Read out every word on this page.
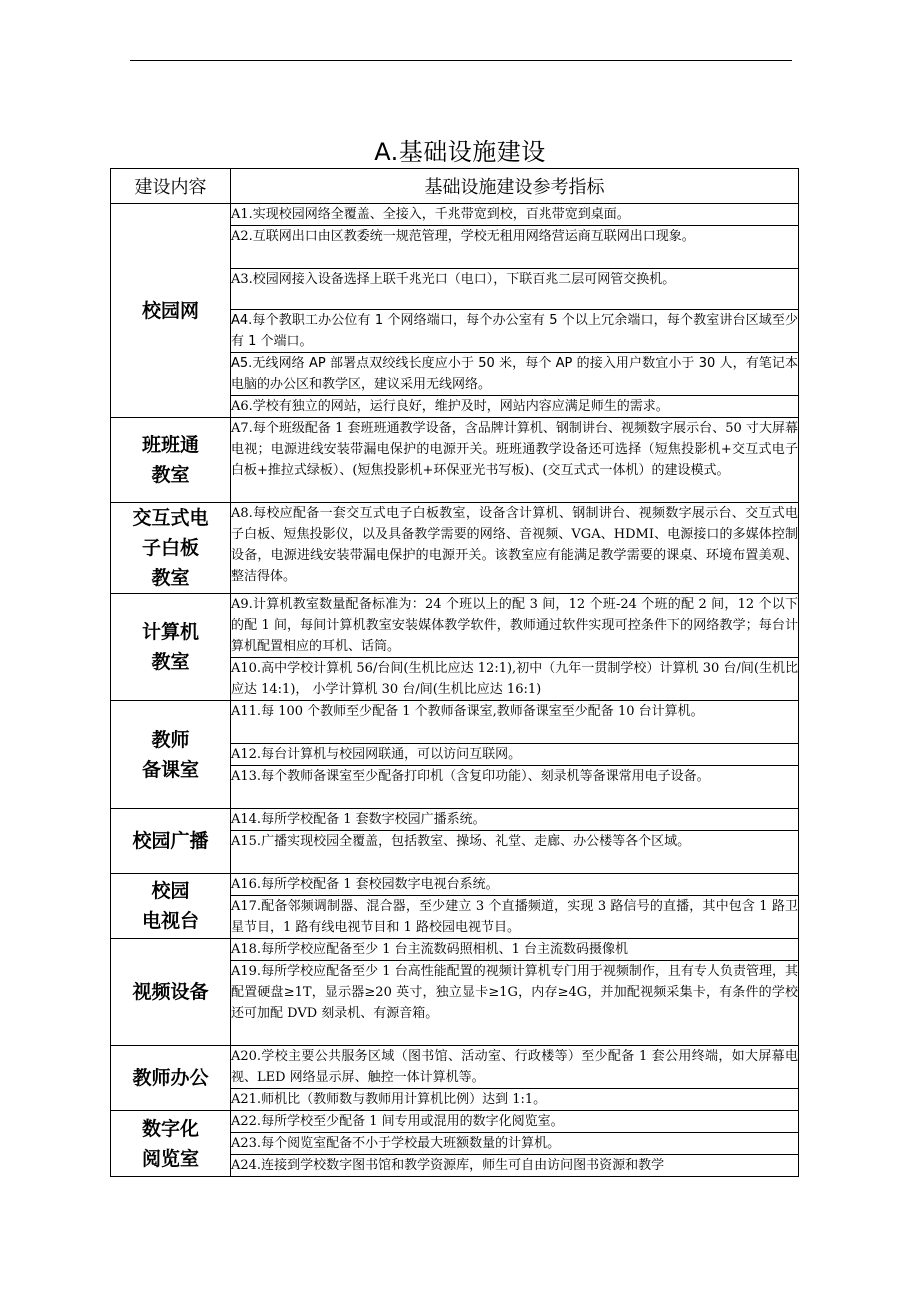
A.基础设施建设
建设内容	基础设施建设参考指标

校园网	A1.实现校园网络全覆盖、全接入，千兆带宽到校，百兆带宽到桌面。
	A2.互联网出口由区教委统一规范管理，学校无租用网络营运商互联网出口现象。
	A3.校园网接入设备选择上联千兆光口（电口），下联百兆二层可网管交换机。
	A4.每个教职工办公位有 1 个网络端口，每个办公室有 5 个以上冗余端口，每个教室讲台区域至少有 1 个端口。
	A5.无线网络 AP 部署点双绞线长度应小于 50 米，每个 AP 的接入用户数宜小于 30 人，有笔记本电脑的办公区和教学区，建议采用无线网络。
	A6.学校有独立的网站，运行良好，维护及时，网站内容应满足师生的需求。

班班通
教室	A7.每个班级配备 1 套班班通教学设备，含品牌计算机、钢制讲台、视频数字展示台、50 寸大屏幕电视；电源进线安装带漏电保护的电源开关。班班通教学设备还可选择（短焦投影机+交互式电子白板+推拉式绿板）、(短焦投影机+环保亚光书写板)、(交互式式一体机）的建设模式。

交互式电
子白板
教室	A8.每校应配备一套交互式电子白板教室，设备含计算机、钢制讲台、视频数字展示台、交互式电子白板、短焦投影仪，以及具备教学需要的网络、音视频、VGA、HDMI、电源接口的多媒体控制设备，电源进线安装带漏电保护的电源开关。该教室应有能满足教学需要的课桌、环境布置美观、整洁得体。

计算机
教室	A9.计算机教室数量配备标准为：24 个班以上的配 3 间，12 个班-24 个班的配 2 间，12 个以下的配 1 间，每间计算机教室安装媒体教学软件，教师通过软件实现可控条件下的网络教学；每台计算机配置相应的耳机、话筒。
	A10.高中学校计算机 56/台间(生机比应达 12:1),初中（九年一贯制学校）计算机 30 台/间(生机比应达 14:1)， 小学计算机 30 台/间(生机比应达 16:1)

教师
备课室	A11.每 100 个教师至少配备 1 个教师备课室,教师备课室至少配备 10 台计算机。
	A12.每台计算机与校园网联通，可以访问互联网。
	A13.每个教师备课室至少配备打印机（含复印功能）、刻录机等备课常用电子设备。

校园广播	A14.每所学校配备 1 套数字校园广播系统。
	A15.广播实现校园全覆盖，包括教室、操场、礼堂、走廊、办公楼等各个区域。

校园
电视台	A16.每所学校配备 1 套校园数字电视台系统。
	A17.配备邻频调制器、混合器，至少建立 3 个直播频道，实现 3 路信号的直播，其中包含 1 路卫星节目，1 路有线电视节目和 1 路校园电视节目。

视频设备	A18.每所学校应配备至少 1 台主流数码照相机、1 台主流数码摄像机
	A19.每所学校应配备至少 1 台高性能配置的视频计算机专门用于视频制作，且有专人负责管理，其配置硬盘≥1T，显示器≥20 英寸，独立显卡≥1G，内存≥4G，并加配视频采集卡，有条件的学校还可加配 DVD 刻录机、有源音箱。

教师办公	A20.学校主要公共服务区域（图书馆、活动室、行政楼等）至少配备 1 套公用终端，如大屏幕电视、LED 网络显示屏、触控一体计算机等。
	A21.师机比（教师数与教师用计算机比例）达到 1:1。

数字化
阅览室	A22.每所学校至少配备 1 间专用或混用的数字化阅览室。
	A23.每个阅览室配备不小于学校最大班额数量的计算机。
	A24.连接到学校数字图书馆和教学资源库，师生可自由访问图书资源和教学
